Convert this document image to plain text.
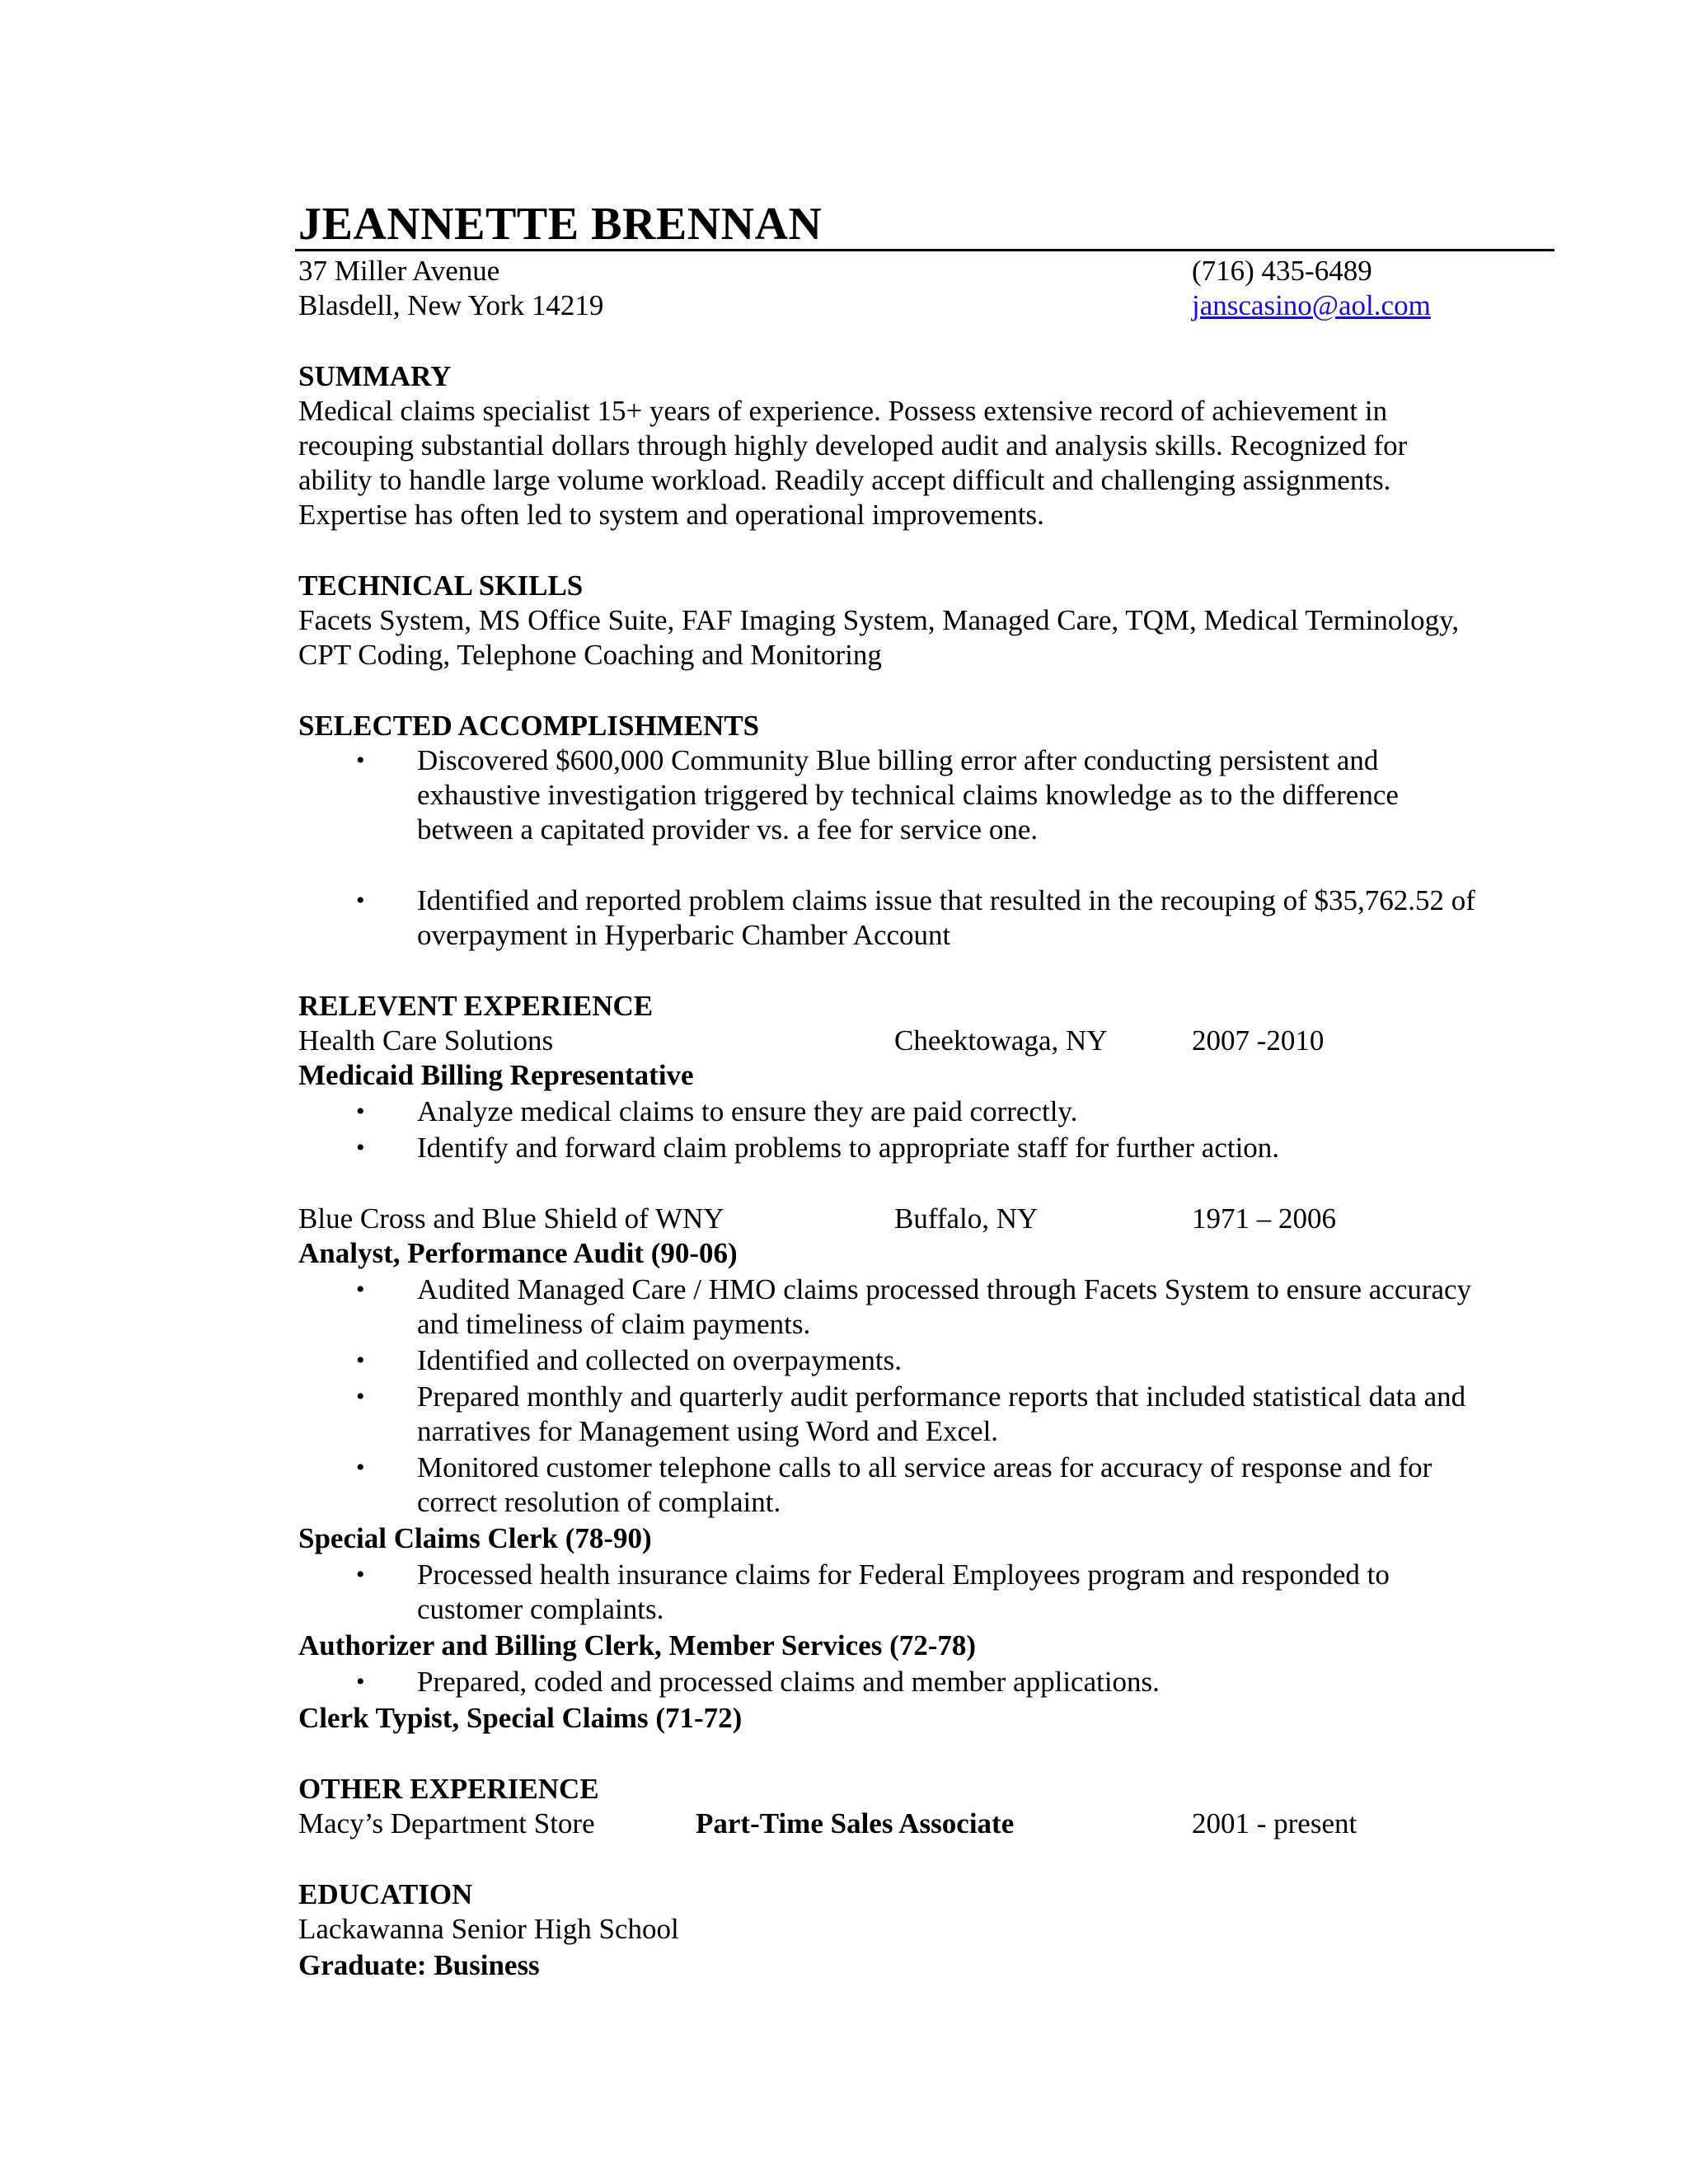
JEANNETTE BRENNAN
37 Miller Avenue
Blasdell, New York 14219
(716) 435-6489
janscasino@aol.com
SUMMARY
Medical claims specialist 15+ years of experience. Possess extensive record of achievement in
recouping substantial dollars through highly developed audit and analysis skills. Recognized for
ability to handle large volume workload. Readily accept difficult and challenging assignments.
Expertise has often led to system and operational improvements.
TECHNICAL SKILLS
Facets System, MS Office Suite, FAF Imaging System, Managed Care, TQM, Medical Terminology,
CPT Coding, Telephone Coaching and Monitoring
SELECTED ACCOMPLISHMENTS
• Discovered $600,000 Community Blue billing error after conducting persistent and
exhaustive investigation triggered by technical claims knowledge as to the difference
between a capitated provider vs. a fee for service one.
• Identified and reported problem claims issue that resulted in the recouping of $35,762.52 of
overpayment in Hyperbaric Chamber Account
RELEVENT EXPERIENCE
Health Care Solutions	Cheektowaga, NY	2007 -2010
Medicaid Billing Representative
• Analyze medical claims to ensure they are paid correctly.
• Identify and forward claim problems to appropriate staff for further action.
Blue Cross and Blue Shield of WNY	Buffalo, NY	1971 – 2006
Analyst, Performance Audit (90-06)
• Audited Managed Care / HMO claims processed through Facets System to ensure accuracy
and timeliness of claim payments.
• Identified and collected on overpayments.
• Prepared monthly and quarterly audit performance reports that included statistical data and
narratives for Management using Word and Excel.
• Monitored customer telephone calls to all service areas for accuracy of response and for
correct resolution of complaint.
Special Claims Clerk (78-90)
• Processed health insurance claims for Federal Employees program and responded to
customer complaints.
Authorizer and Billing Clerk, Member Services (72-78)
• Prepared, coded and processed claims and member applications.
Clerk Typist, Special Claims (71-72)
OTHER EXPERIENCE
Macy’s Department Store	Part-Time Sales Associate	2001 - present
EDUCATION
Lackawanna Senior High School
Graduate: Business
